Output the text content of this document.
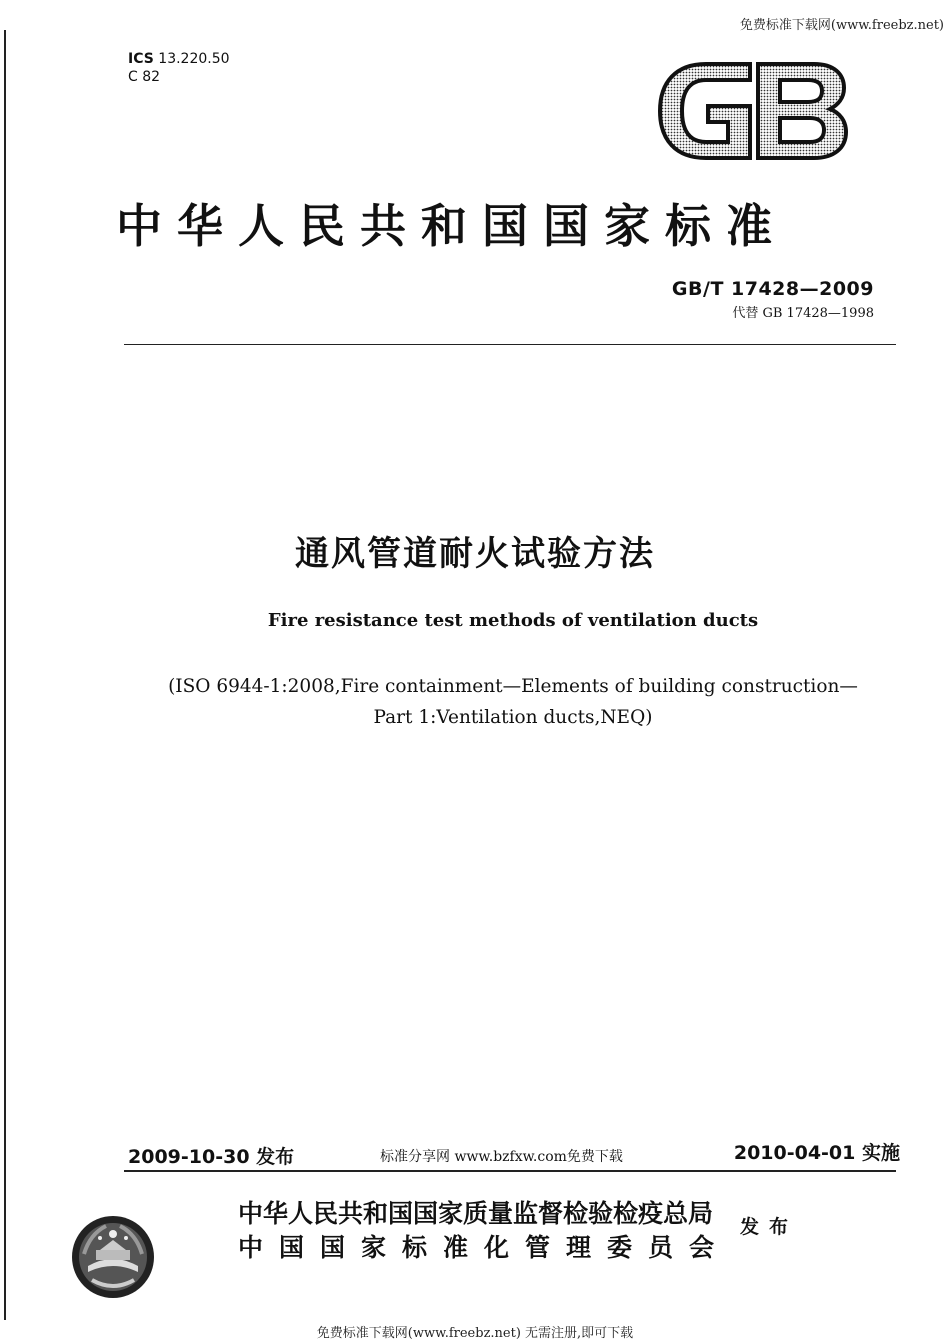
免费标准下载网(www.freebz.net)
ICS 13.220.50
C 82
中华人民共和国国家标准
GB/T 17428—2009
代替 GB 17428—1998
通风管道耐火试验方法
Fire resistance test methods of ventilation ducts
(ISO 6944-1:2008,Fire containment—Elements of building construction—
Part 1:Ventilation ducts,NEQ)
2009-10-30 发布	标准分享网 www.bzfxw.com免费下载	2010-04-01 实施
中华人民共和国国家质量监督检验检疫总局
中国国家标准化管理委员会
发布
免费标准下载网(www.freebz.net) 无需注册,即可下载
